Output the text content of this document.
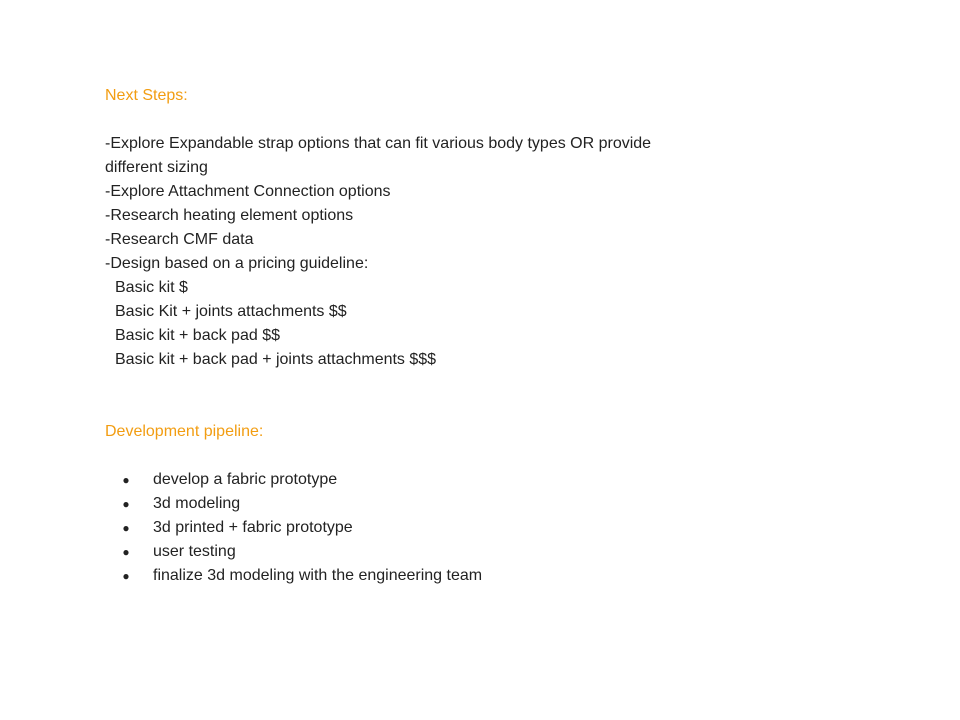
Next Steps:
-Explore Expandable strap options that can fit various body types OR provide different sizing
-Explore Attachment Connection options
-Research heating element options
-Research CMF data
-Design based on a pricing guideline:
Basic kit $
Basic Kit + joints attachments $$
Basic kit + back pad $$
Basic kit + back pad + joints attachments $$$
Development pipeline:
● develop a fabric prototype
● 3d modeling
● 3d printed + fabric prototype
● user testing
● finalize 3d modeling with the engineering team
